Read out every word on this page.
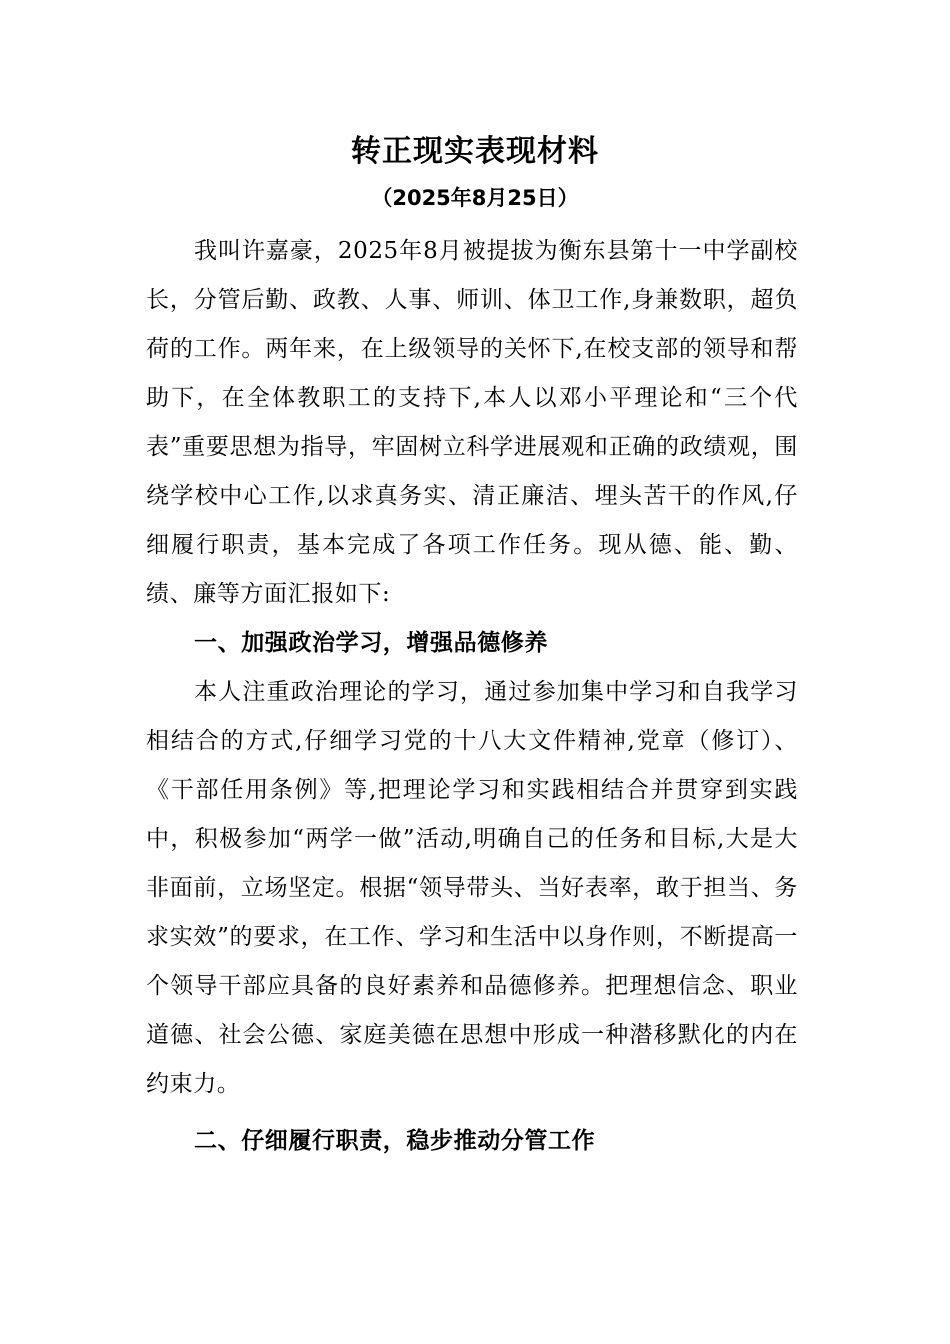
转正现实表现材料
（2025年8月25日）

我叫许嘉豪，2025年8月被提拔为衡东县第十一中学副校长，分管后勤、政教、人事、师训、体卫工作,身兼数职，超负荷的工作。两年来，在上级领导的关怀下,在校支部的领导和帮助下，在全体教职工的支持下,本人以邓小平理论和“三个代表”重要思想为指导，牢固树立科学进展观和正确的政绩观，围绕学校中心工作,以求真务实、清正廉洁、埋头苦干的作风,仔细履行职责，基本完成了各项工作任务。现从德、能、勤、绩、廉等方面汇报如下:

一、加强政治学习，增强品德修养

本人注重政治理论的学习，通过参加集中学习和自我学习相结合的方式,仔细学习党的十八大文件精神,党章（修订）、《干部任用条例》等,把理论学习和实践相结合并贯穿到实践中，积极参加“两学一做”活动,明确自己的任务和目标,大是大非面前，立场坚定。根据“领导带头、当好表率，敢于担当、务求实效”的要求，在工作、学习和生活中以身作则，不断提高一个领导干部应具备的良好素养和品德修养。把理想信念、职业道德、社会公德、家庭美德在思想中形成一种潜移默化的内在约束力。

二、仔细履行职责，稳步推动分管工作
